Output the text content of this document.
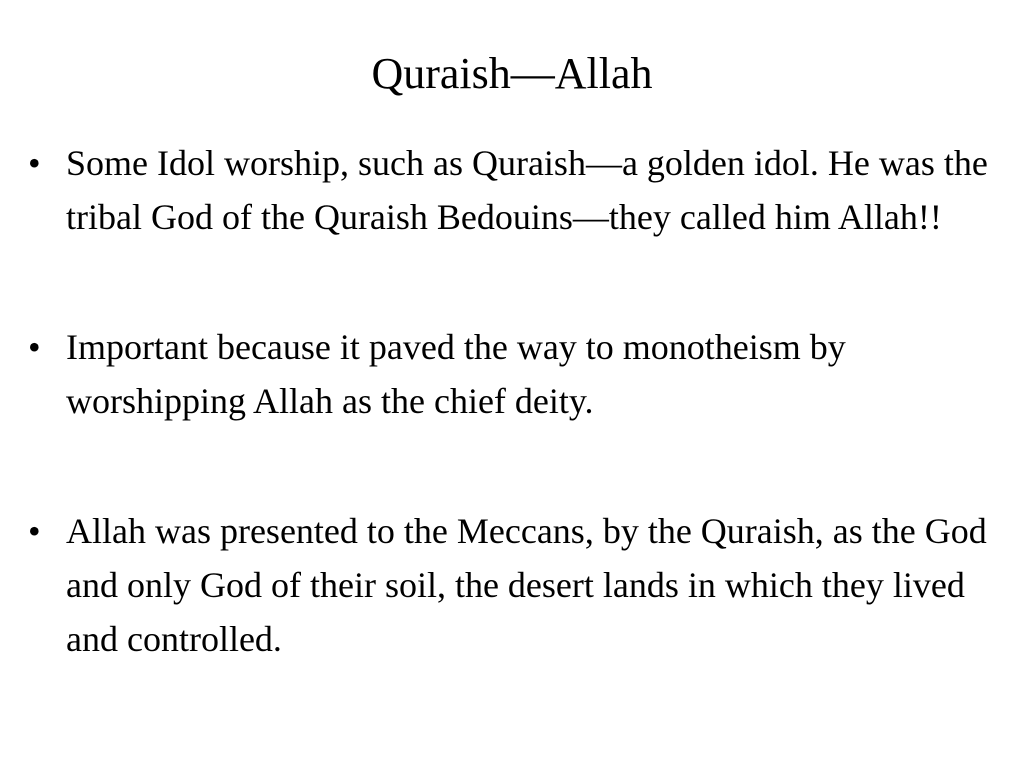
Quraish—Allah
• Some Idol worship, such as Quraish—a golden idol. He was the tribal God of the Quraish Bedouins—they called him Allah!!
• Important because it paved the way to monotheism by worshipping Allah as the chief deity.
• Allah was presented to the Meccans, by the Quraish, as the God and only God of their soil, the desert lands in which they lived and controlled.
